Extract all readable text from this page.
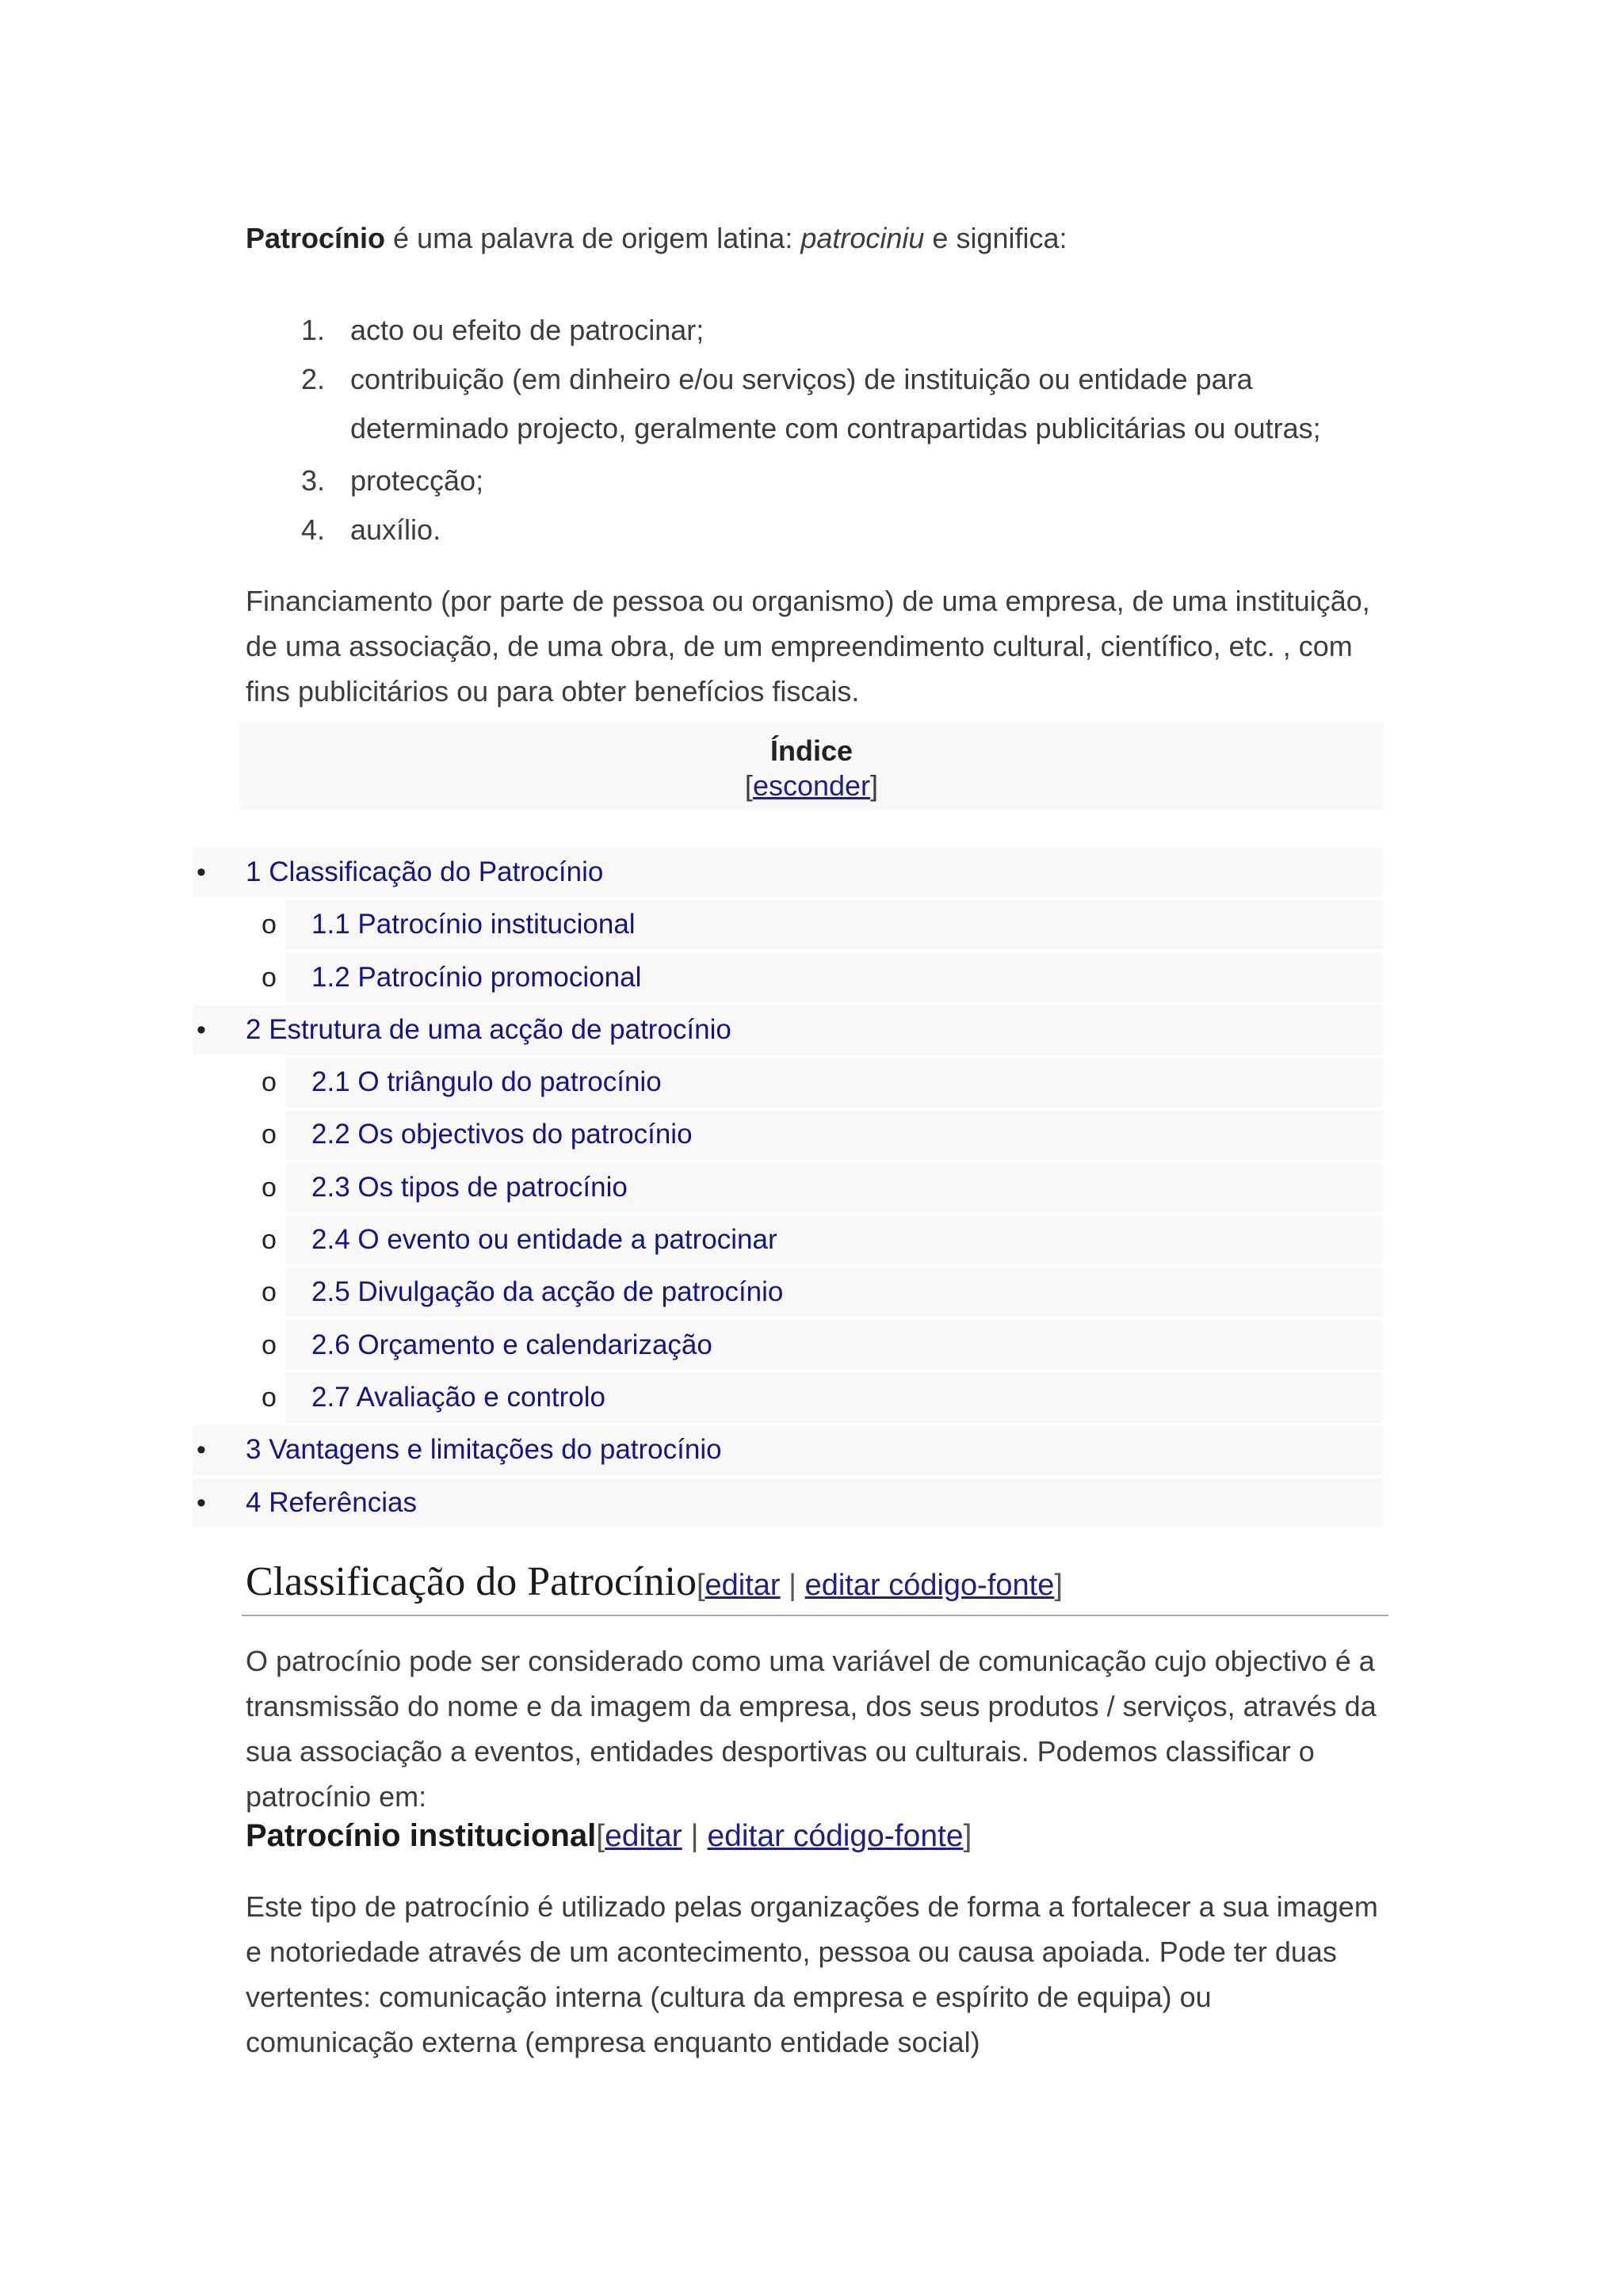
Patrocínio é uma palavra de origem latina: patrociniu e significa:

1. acto ou efeito de patrocinar;
2. contribuição (em dinheiro e/ou serviços) de instituição ou entidade para determinado projecto, geralmente com contrapartidas publicitárias ou outras;
3. protecção;
4. auxílio.

Financiamento (por parte de pessoa ou organismo) de uma empresa, de uma instituição, de uma associação, de uma obra, de um empreendimento cultural, científico, etc. , com fins publicitários ou para obter benefícios fiscais.

Índice
[esconder]
• 1 Classificação do Patrocínio
o 1.1 Patrocínio institucional
o 1.2 Patrocínio promocional
• 2 Estrutura de uma acção de patrocínio
o 2.1 O triângulo do patrocínio
o 2.2 Os objectivos do patrocínio
o 2.3 Os tipos de patrocínio
o 2.4 O evento ou entidade a patrocinar
o 2.5 Divulgação da acção de patrocínio
o 2.6 Orçamento e calendarização
o 2.7 Avaliação e controlo
• 3 Vantagens e limitações do patrocínio
• 4 Referências
Classificação do Patrocínio[editar | editar código-fonte]

O patrocínio pode ser considerado como uma variável de comunicação cujo objectivo é a transmissão do nome e da imagem da empresa, dos seus produtos / serviços, através da sua associação a eventos, entidades desportivas ou culturais. Podemos classificar o patrocínio em:

Patrocínio institucional[editar | editar código-fonte]

Este tipo de patrocínio é utilizado pelas organizações de forma a fortalecer a sua imagem e notoriedade através de um acontecimento, pessoa ou causa apoiada. Pode ter duas vertentes: comunicação interna (cultura da empresa e espírito de equipa) ou comunicação externa (empresa enquanto entidade social)
